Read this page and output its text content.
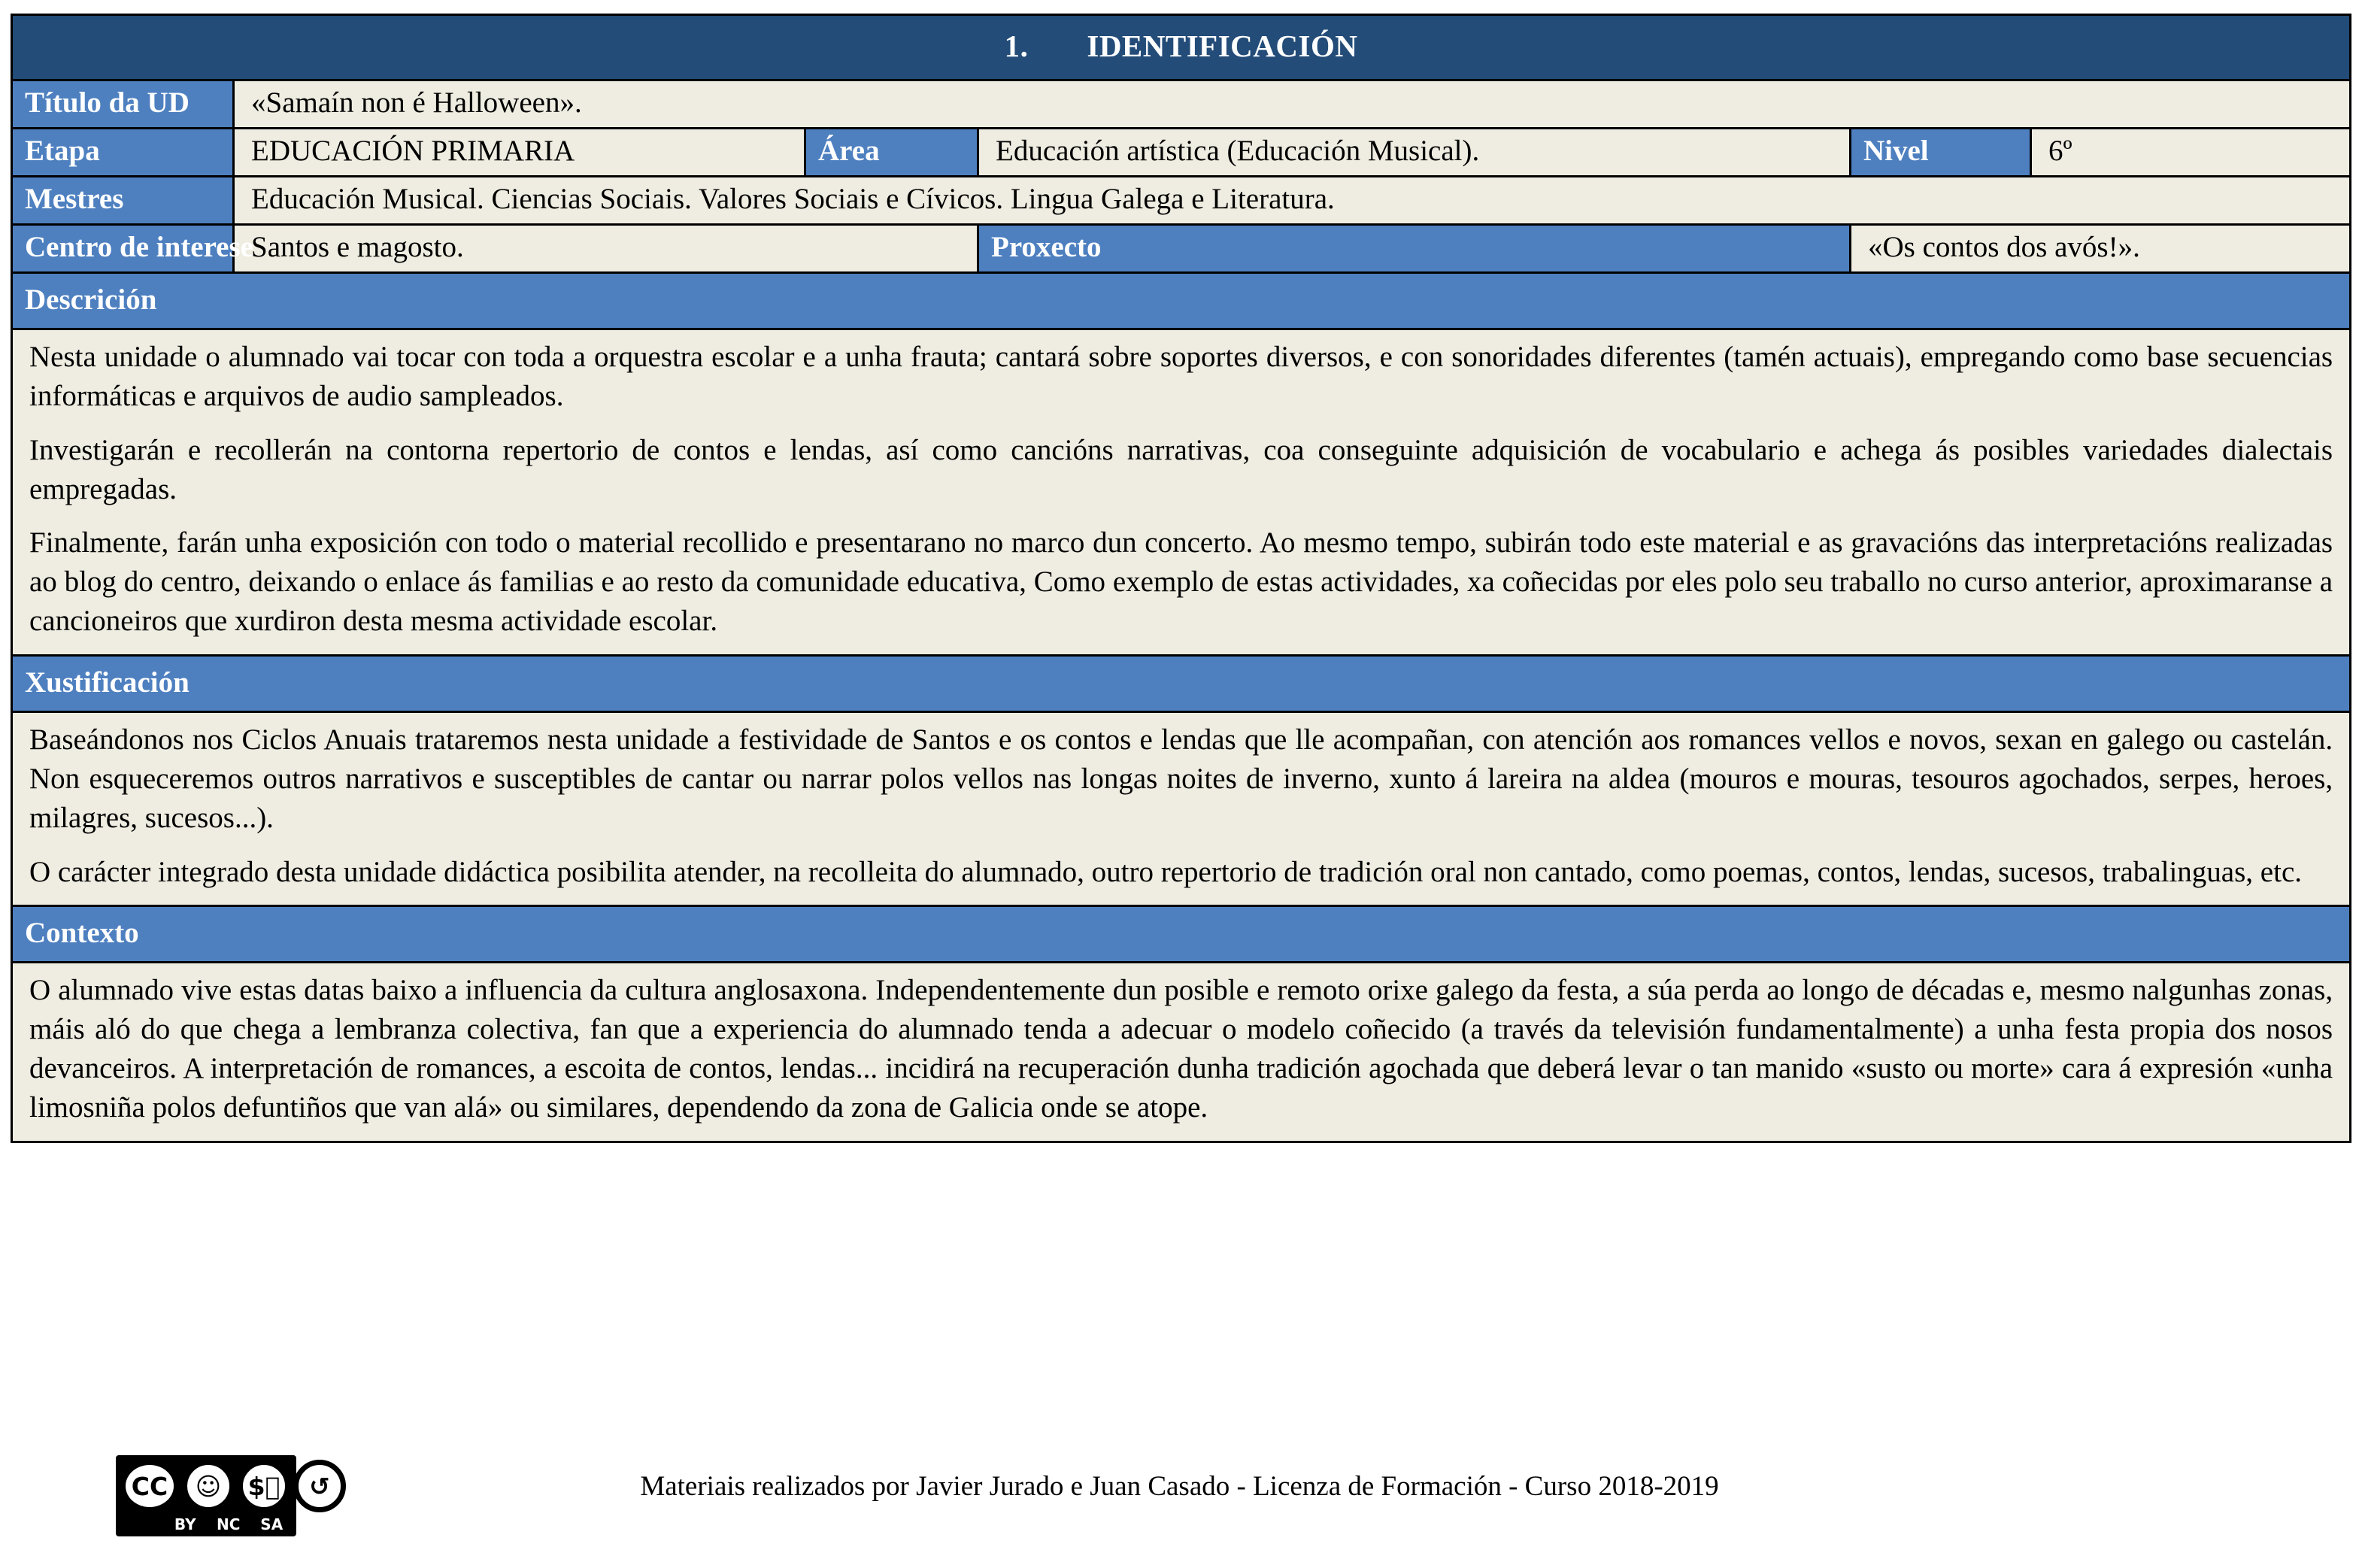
1. IDENTIFICACIÓN					
Título da UD	«Samaín non é Halloween».				
Etapa	EDUCACIÓN PRIMARIA	Área	Educación artística (Educación Musical).	Nivel	6º
Mestres	Educación Musical. Ciencias Sociais. Valores Sociais e Cívicos. Lingua Galega e Literatura.				
Centro de interese	Santos e magosto.		Proxecto	«Os contos dos avós!».	
Descrición					

Nesta unidade o alumnado vai tocar con toda a orquestra escolar e a unha frauta; cantará sobre soportes diversos, e con sonoridades diferentes (tamén actuais), empregando como base secuencias informáticas e arquivos de audio sampleados.

Investigarán e recollerán na contorna repertorio de contos e lendas, así como cancións narrativas, coa conseguinte adquisición de vocabulario e achega ás posibles variedades dialectais empregadas.

Finalmente, farán unha exposición con todo o material recollido e presentarano no marco dun concerto. Ao mesmo tempo, subirán todo este material e as gravacións das interpretacións realizadas ao blog do centro, deixando o enlace ás familias e ao resto da comunidade educativa, Como exemplo de estas actividades, xa coñecidas por eles polo seu traballo no curso anterior, aproximaranse a cancioneiros que xurdiron desta mesma actividade escolar.					

Xustificación					

Baseándonos nos Ciclos Anuais trataremos nesta unidade a festividade de Santos e os contos e lendas que lle acompañan, con atención aos romances vellos e novos, sexan en galego ou castelán. Non esqueceremos outros narrativos e susceptibles de cantar ou narrar polos vellos nas longas noites de inverno, xunto á lareira na aldea (mouros e mouras, tesouros agochados, serpes, heroes, milagres, sucesos...).

O carácter integrado desta unidade didáctica posibilita atender, na recolleita do alumnado, outro repertorio de tradición oral non cantado, como poemas, contos, lendas, sucesos, trabalinguas, etc.					

Contexto					

O alumnado vive estas datas baixo a influencia da cultura anglosaxona. Independentemente dun posible e remoto orixe galego da festa, a súa perda ao longo de décadas e, mesmo nalgunhas zonas, máis aló do que chega a lembranza colectiva, fan que a experiencia do alumnado tenda a adecuar o modelo coñecido (a través da televisión fundamentalmente) a unha festa propia dos nosos devanceiros. A interpretación de romances, a escoita de contos, lendas... incidirá na recuperación dunha tradición agochada que deberá levar o tan manido «susto ou morte» cara á expresión «unha limosniña polos defuntiños que van alá» ou similares, dependendo da zona de Galicia onde se atope.					

CC	☺	$⃠	↺
BY	NC	SA
Materiais realizados por Javier Jurado e Juan Casado - Licenza de Formación - Curso 2018-2019
